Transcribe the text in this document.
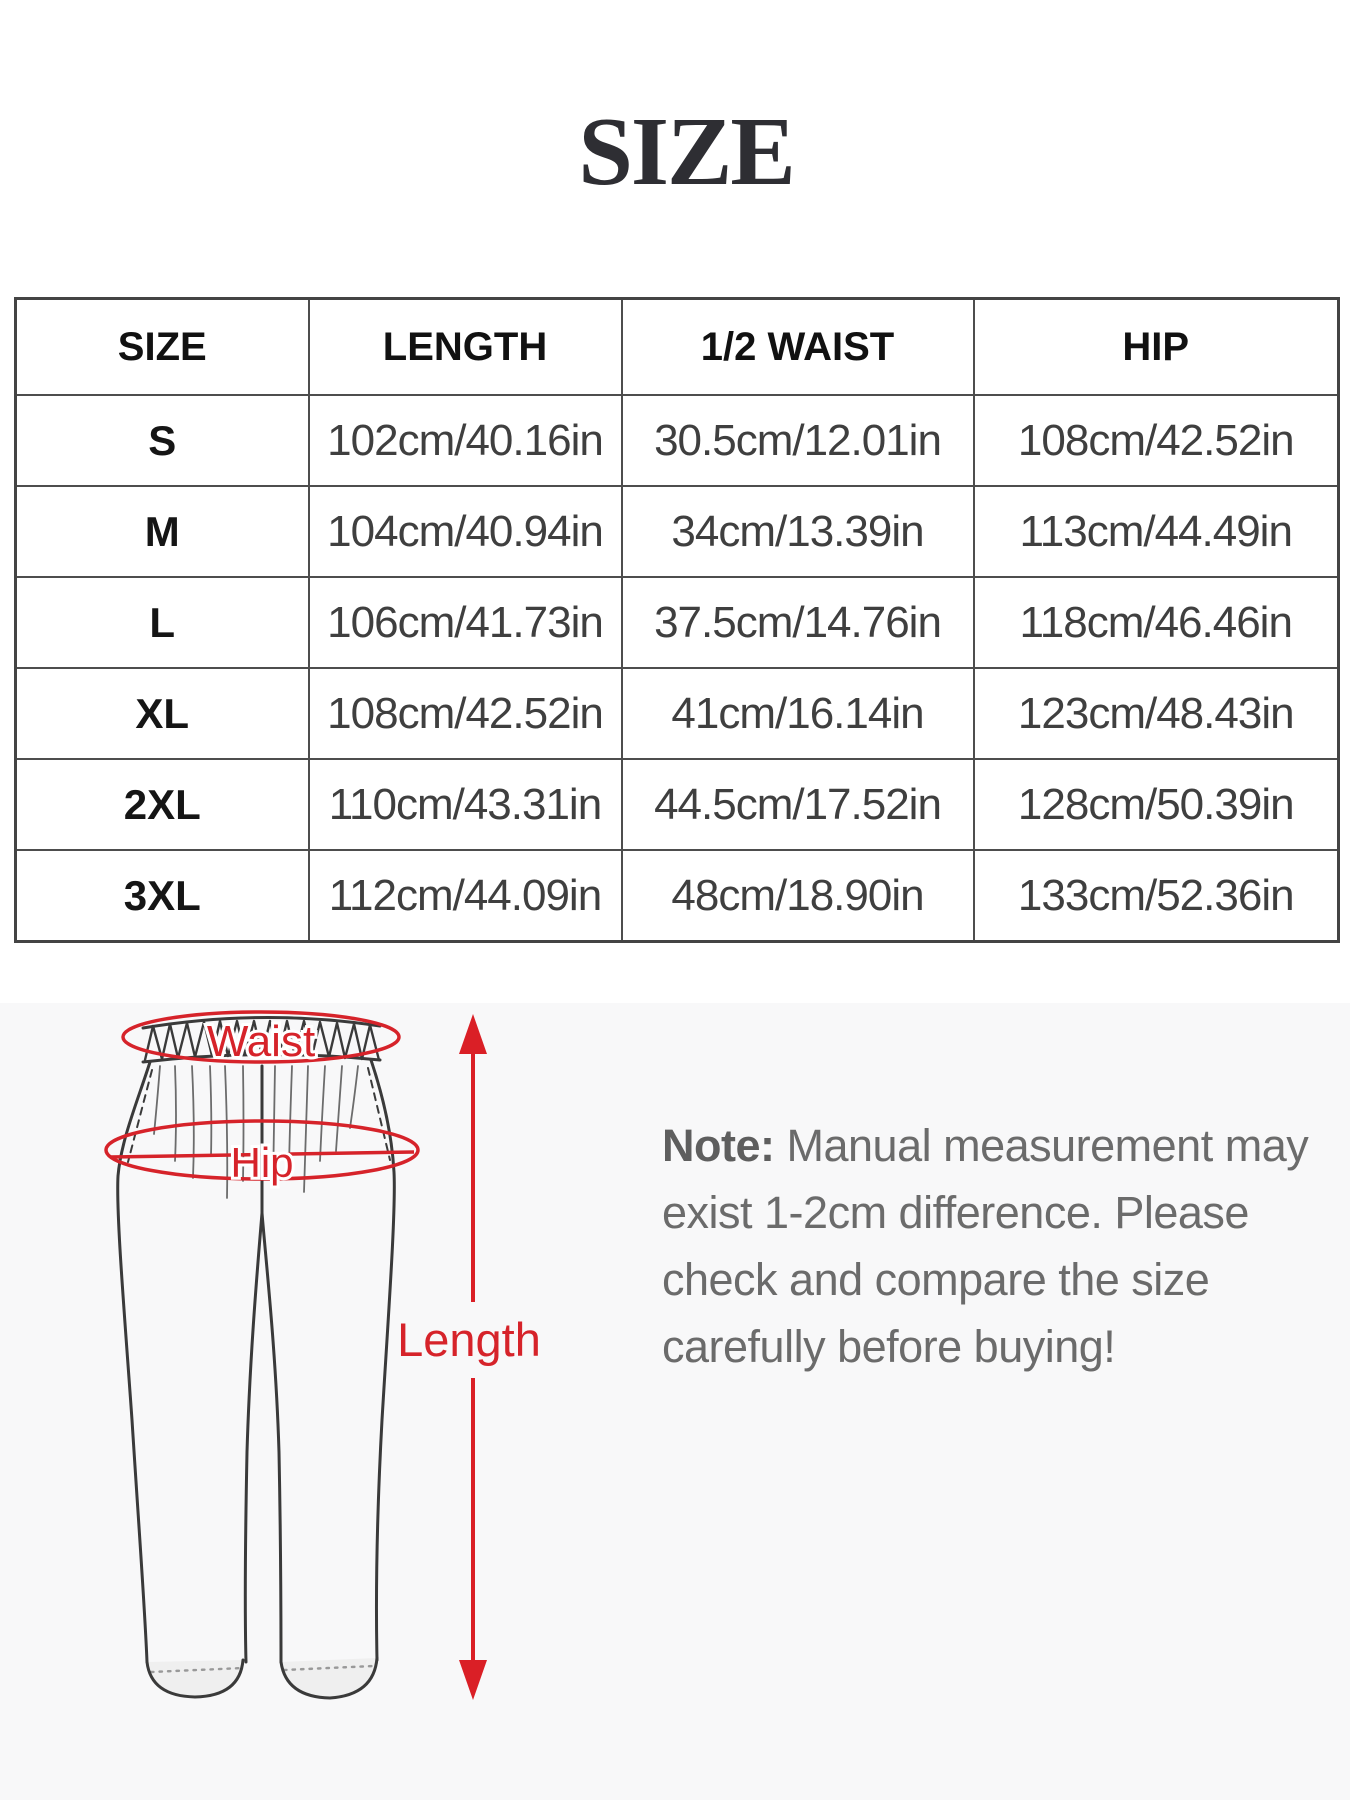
SIZE
SIZE	LENGTH	1/2 WAIST	HIP
S	102cm/40.16in	30.5cm/12.01in	108cm/42.52in
M	104cm/40.94in	34cm/13.39in	113cm/44.49in
L	106cm/41.73in	37.5cm/14.76in	118cm/46.46in
XL	108cm/42.52in	41cm/16.14in	123cm/48.43in
2XL	110cm/43.31in	44.5cm/17.52in	128cm/50.39in
3XL	112cm/44.09in	48cm/18.90in	133cm/52.36in
Waist
Hip
Length
Note: Manual measurement may
exist 1-2cm difference. Please
check and compare the size
carefully before buying!
